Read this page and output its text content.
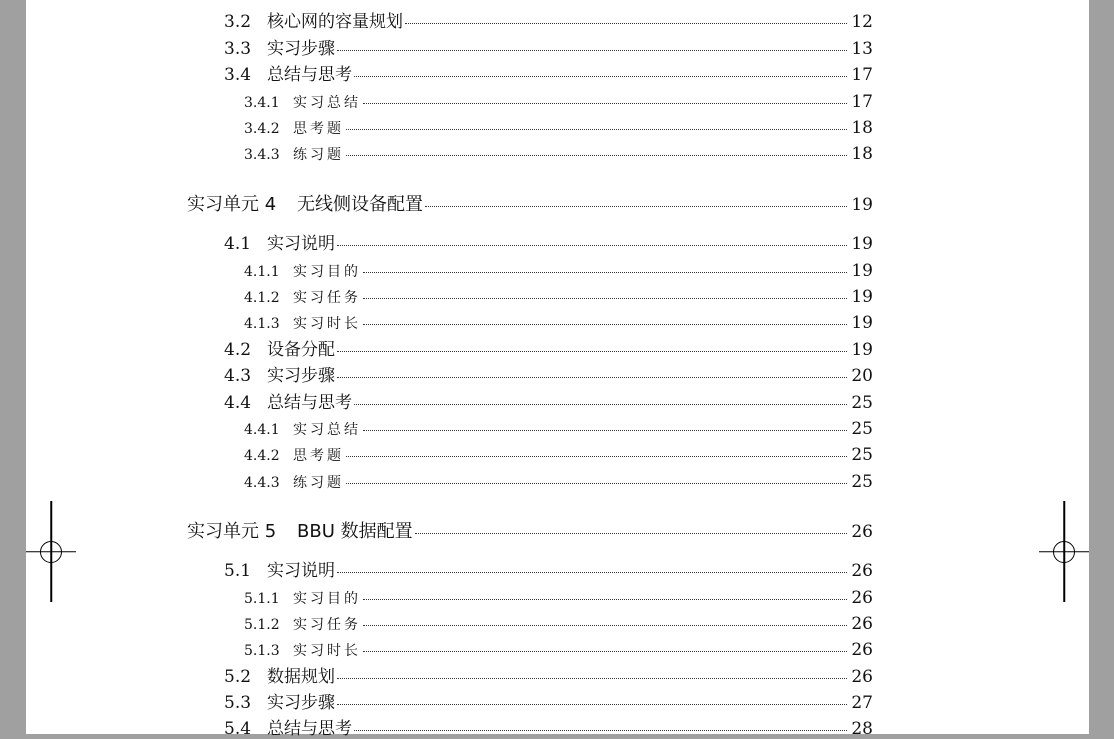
3.2 核心网的容量规划	12
3.3 实习步骤	13
3.4 总结与思考	17
3.4.1 实习总结	17
3.4.2 思考题	18
3.4.3 练习题	18
实习单元 4	无线侧设备配置	19
4.1 实习说明	19
4.1.1 实习目的	19
4.1.2 实习任务	19
4.1.3 实习时长	19
4.2 设备分配	19
4.3 实习步骤	20
4.4 总结与思考	25
4.4.1 实习总结	25
4.4.2 思考题	25
4.4.3 练习题	25
实习单元 5	BBU 数据配置	26
5.1 实习说明	26
5.1.1 实习目的	26
5.1.2 实习任务	26
5.1.3 实习时长	26
5.2 数据规划	26
5.3 实习步骤	27
5.4 总结与思考	28
